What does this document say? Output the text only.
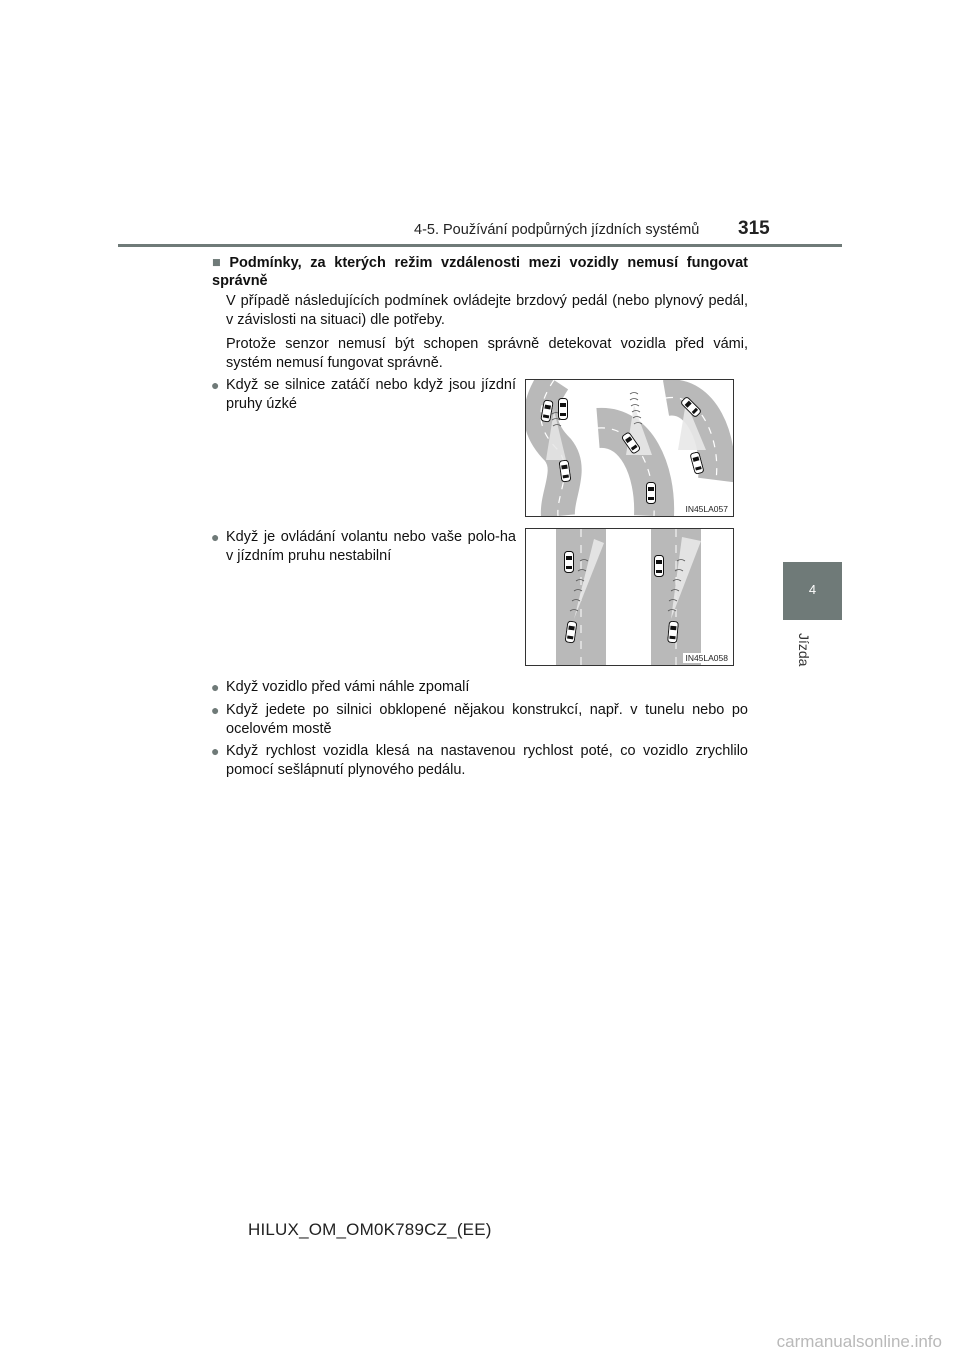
4-5. Používání podpůrných jízdních systémů 315
4
Jízda
■ Podmínky, za kterých režim vzdálenosti mezi vozidly nemusí fungovat správně
V případě následujících podmínek ovládejte brzdový pedál (nebo plynový pedál, v závislosti na situaci) dle potřeby.
Protože senzor nemusí být schopen správně detekovat vozidla před vámi, systém nemusí fungovat správně.
● Když se silnice zatáčí nebo když jsou jízdní pruhy úzké
● Když je ovládání volantu nebo vaše polo-ha v jízdním pruhu nestabilní
● Když vozidlo před vámi náhle zpomalí
● Když jedete po silnici obklopené nějakou konstrukcí, např. v tunelu nebo po ocelovém mostě
● Když rychlost vozidla klesá na nastavenou rychlost poté, co vozidlo zrychlilo pomocí sešlápnutí plynového pedálu.
IN45LA057
IN45LA058
HILUX_OM_OM0K789CZ_(EE)
carmanualsonline.info
